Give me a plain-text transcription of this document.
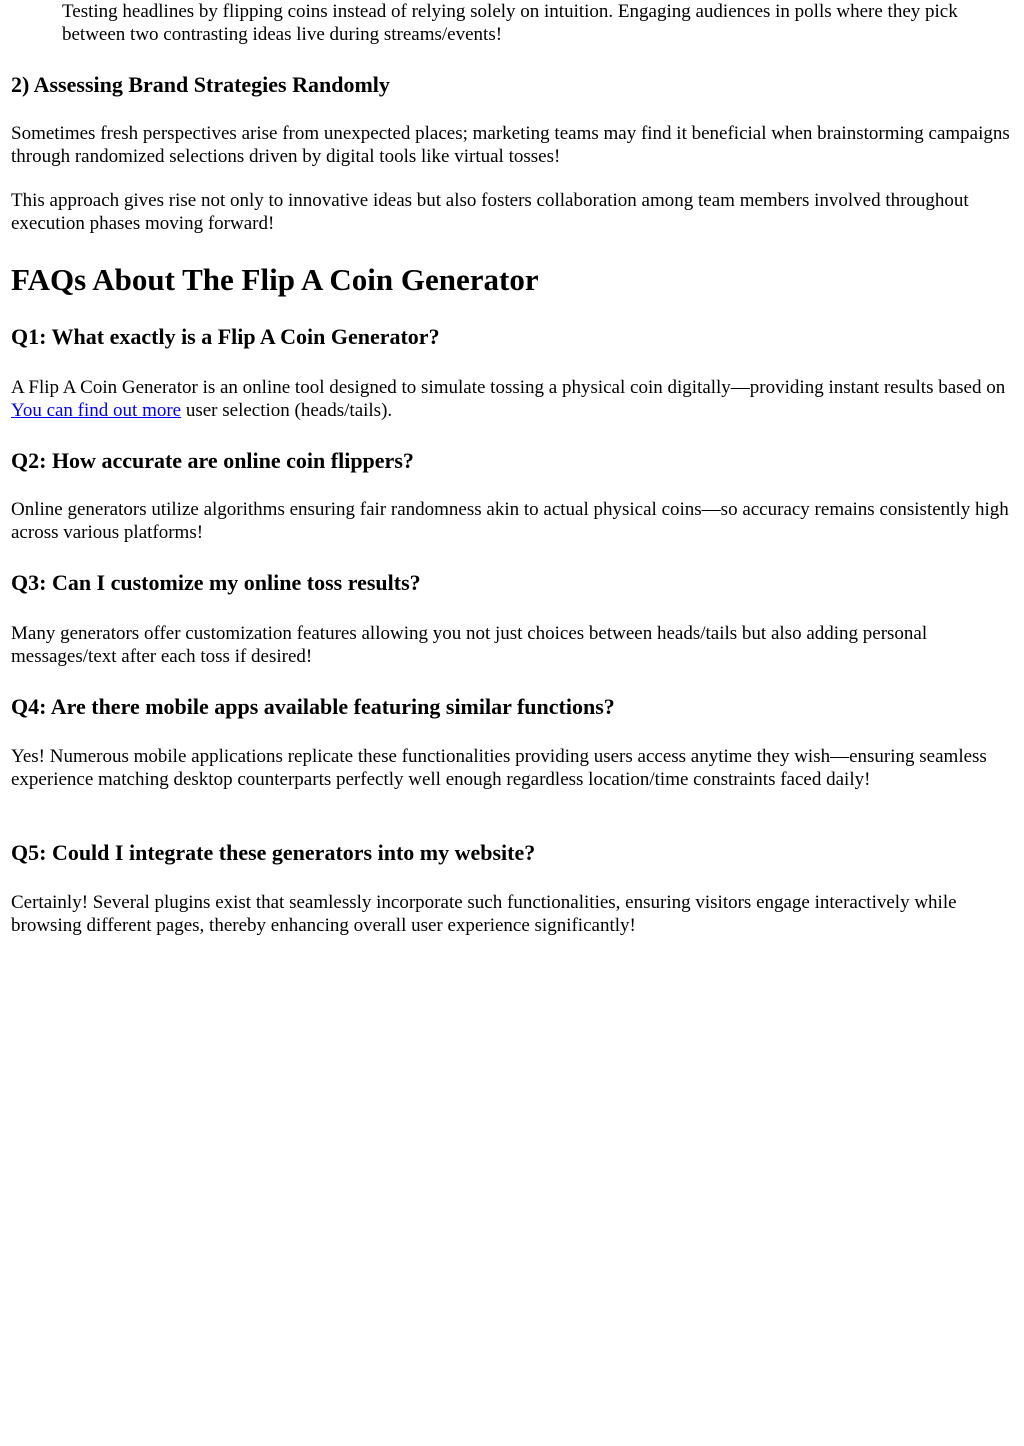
Testing headlines by flipping coins instead of relying solely on intuition. Engaging audiences in polls where they pick between two contrasting ideas live during streams/events!
2) Assessing Brand Strategies Randomly
Sometimes fresh perspectives arise from unexpected places; marketing teams may find it beneficial when brainstorming campaigns through randomized selections driven by digital tools like virtual tosses!
This approach gives rise not only to innovative ideas but also fosters collaboration among team members involved throughout execution phases moving forward!
FAQs About The Flip A Coin Generator
Q1: What exactly is a Flip A Coin Generator?
A Flip A Coin Generator is an online tool designed to simulate tossing a physical coin digitally—providing instant results based on You can find out more user selection (heads/tails).
Q2: How accurate are online coin flippers?
Online generators utilize algorithms ensuring fair randomness akin to actual physical coins—so accuracy remains consistently high across various platforms!
Q3: Can I customize my online toss results?
Many generators offer customization features allowing you not just choices between heads/tails but also adding personal messages/text after each toss if desired!
Q4: Are there mobile apps available featuring similar functions?
Yes! Numerous mobile applications replicate these functionalities providing users access anytime they wish—ensuring seamless experience matching desktop counterparts perfectly well enough regardless location/time constraints faced daily!
Q5: Could I integrate these generators into my website?
Certainly! Several plugins exist that seamlessly incorporate such functionalities, ensuring visitors engage interactively while browsing different pages, thereby enhancing overall user experience significantly!
